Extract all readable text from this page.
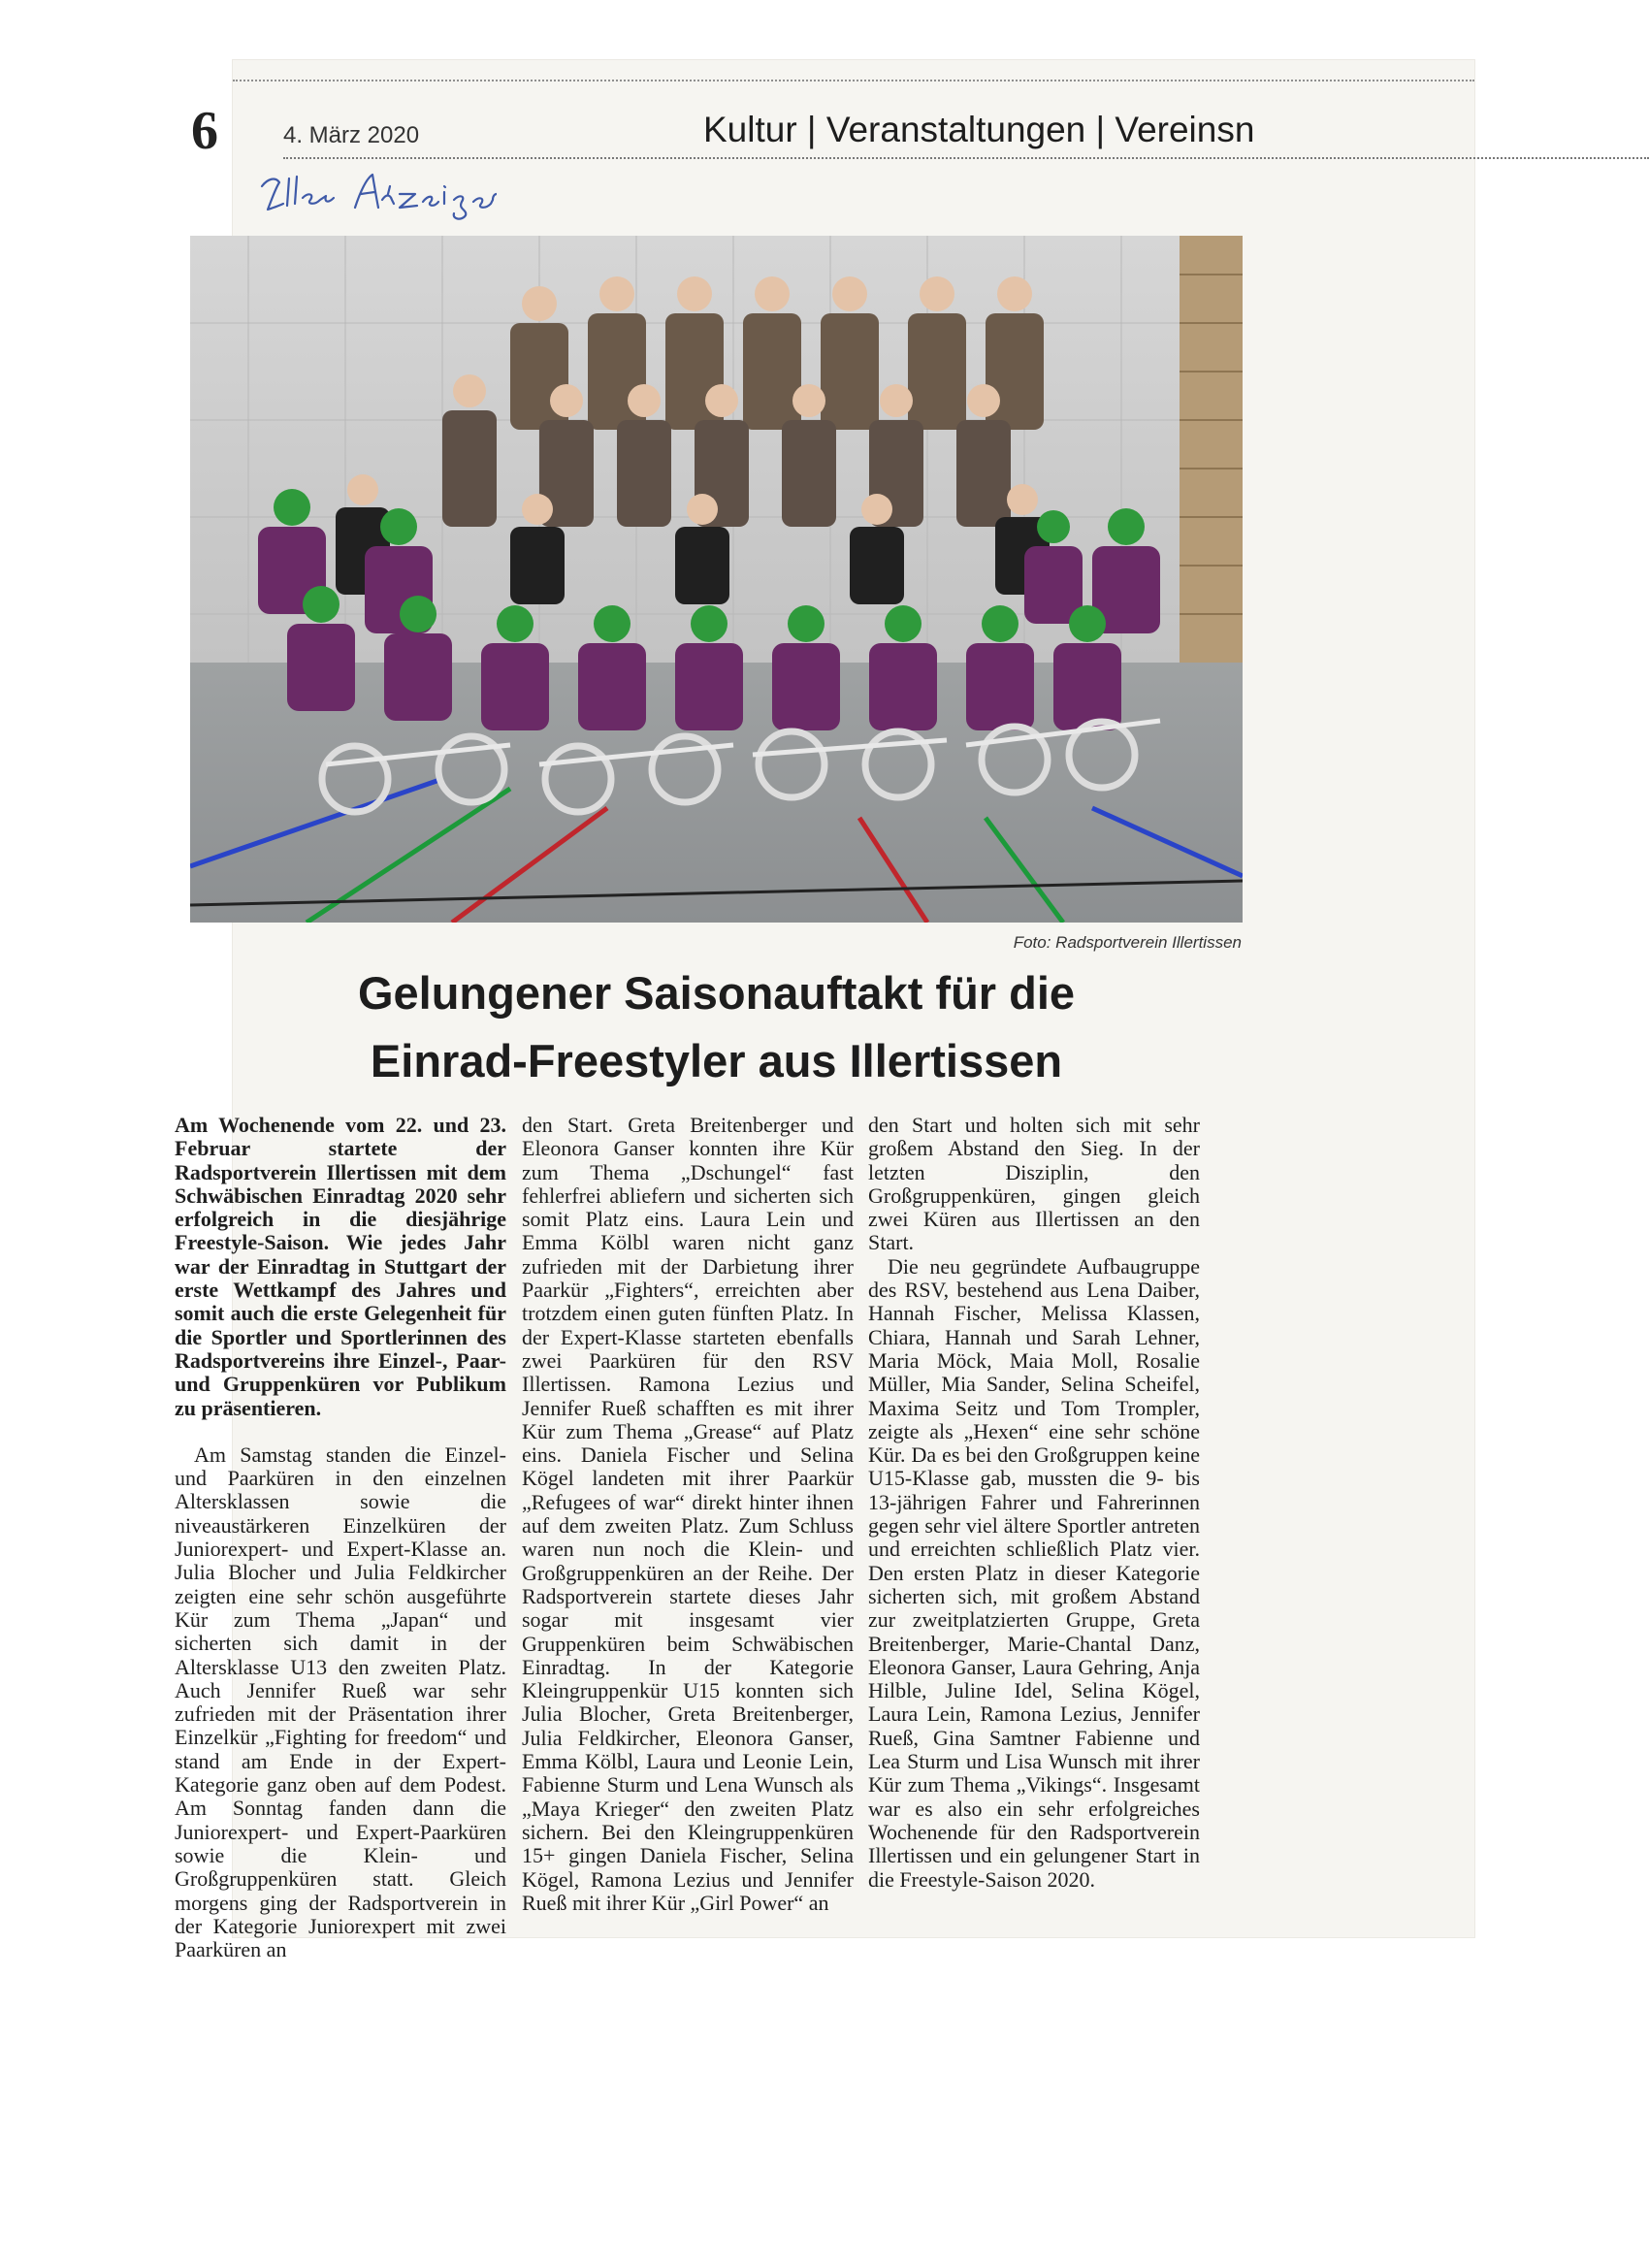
6	4. März 2020	Kultur | Veranstaltungen | Vereinsn
Foto: Radsportverein Illertissen
Gelungener Saisonauftakt für die
Einrad-Freestyler aus Illertissen

Am Wochenende vom 22. und 23. Februar startete der Radsportverein Illertissen mit dem Schwäbischen Einradtag 2020 sehr erfolgreich in die diesjährige Freestyle-Saison. Wie jedes Jahr war der Einradtag in Stuttgart der erste Wettkampf des Jahres und somit auch die erste Gelegenheit für die Sportler und Sportlerinnen des Radsportvereins ihre Einzel-, Paar- und Gruppenküren vor Publikum zu präsentieren.

Am Samstag standen die Einzel- und Paarküren in den einzelnen Altersklassen sowie die niveaustärkeren Einzelküren der Juniorexpert- und Expert-Klasse an. Julia Blocher und Julia Feldkircher zeigten eine sehr schön ausgeführte Kür zum Thema „Japan“ und sicherten sich damit in der Altersklasse U13 den zweiten Platz. Auch Jennifer Rueß war sehr zufrieden mit der Präsentation ihrer Einzelkür „Fighting for freedom“ und stand am Ende in der Expert-Kategorie ganz oben auf dem Podest. Am Sonntag fanden dann die Juniorexpert- und Expert-Paarküren sowie die Klein- und Großgruppenküren statt. Gleich morgens ging der Radsportverein in der Kategorie Juniorexpert mit zwei Paarküren an

den Start. Greta Breitenberger und Eleonora Ganser konnten ihre Kür zum Thema „Dschungel“ fast fehlerfrei abliefern und sicherten sich somit Platz eins. Laura Lein und Emma Kölbl waren nicht ganz zufrieden mit der Darbietung ihrer Paarkür „Fighters“, erreichten aber trotzdem einen guten fünften Platz. In der Expert-Klasse starteten ebenfalls zwei Paarküren für den RSV Illertissen. Ramona Lezius und Jennifer Rueß schafften es mit ihrer Kür zum Thema „Grease“ auf Platz eins. Daniela Fischer und Selina Kögel landeten mit ihrer Paarkür „Refugees of war“ direkt hinter ihnen auf dem zweiten Platz. Zum Schluss waren nun noch die Klein- und Großgruppenküren an der Reihe. Der Radsportverein startete dieses Jahr sogar mit insgesamt vier Gruppenküren beim Schwäbischen Einradtag. In der Kategorie Kleingruppenkür U15 konnten sich Julia Blocher, Greta Breitenberger, Julia Feldkircher, Eleonora Ganser, Emma Kölbl, Laura und Leonie Lein, Fabienne Sturm und Lena Wunsch als „Maya Krieger“ den zweiten Platz sichern. Bei den Kleingruppenküren 15+ gingen Daniela Fischer, Selina Kögel, Ramona Lezius und Jennifer Rueß mit ihrer Kür „Girl Power“ an

den Start und holten sich mit sehr großem Abstand den Sieg. In der letzten Disziplin, den Großgruppenküren, gingen gleich zwei Küren aus Illertissen an den Start.

Die neu gegründete Aufbaugruppe des RSV, bestehend aus Lena Daiber, Hannah Fischer, Melissa Klassen, Chiara, Hannah und Sarah Lehner, Maria Möck, Maia Moll, Rosalie Müller, Mia Sander, Selina Scheifel, Maxima Seitz und Tom Trompler, zeigte als „Hexen“ eine sehr schöne Kür. Da es bei den Großgruppen keine U15-Klasse gab, mussten die 9- bis 13-jährigen Fahrer und Fahrerinnen gegen sehr viel ältere Sportler antreten und erreichten schließlich Platz vier. Den ersten Platz in dieser Kategorie sicherten sich, mit großem Abstand zur zweitplatzierten Gruppe, Greta Breitenberger, Marie-Chantal Danz, Eleonora Ganser, Laura Gehring, Anja Hilble, Juline Idel, Selina Kögel, Laura Lein, Ramona Lezius, Jennifer Rueß, Gina Samtner Fabienne und Lea Sturm und Lisa Wunsch mit ihrer Kür zum Thema „Vikings“. Insgesamt war es also ein sehr erfolgreiches Wochenende für den Radsportverein Illertissen und ein gelungener Start in die Freestyle-Saison 2020.
